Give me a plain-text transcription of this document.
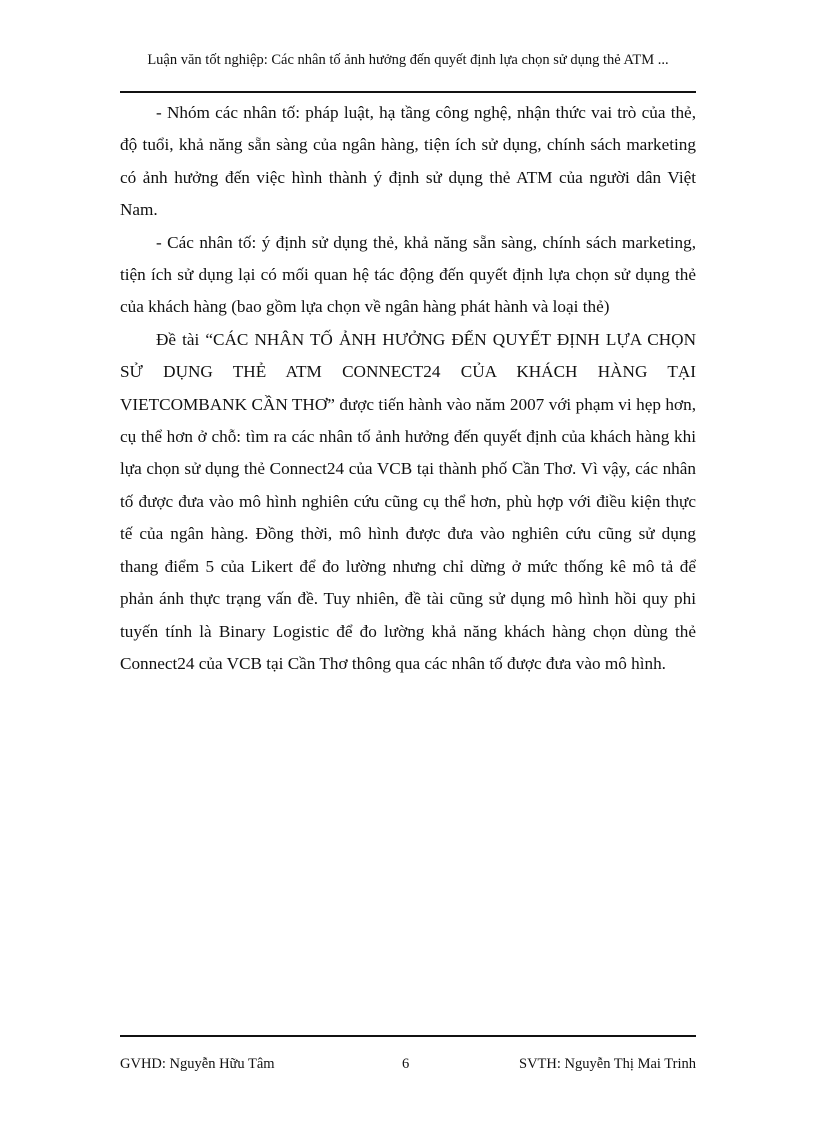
Luận văn tốt nghiệp: Các nhân tố ảnh hưởng đến quyết định lựa chọn sử dụng thẻ ATM ...

- Nhóm các nhân tố: pháp luật, hạ tầng công nghệ, nhận thức vai trò của thẻ, độ tuổi, khả năng sẵn sàng của ngân hàng, tiện ích sử dụng, chính sách marketing có ảnh hưởng đến việc hình thành ý định sử dụng thẻ ATM của người dân Việt Nam.

- Các nhân tố: ý định sử dụng thẻ, khả năng sẵn sàng, chính sách marketing, tiện ích sử dụng lại có mối quan hệ tác động đến quyết định lựa chọn sử dụng thẻ của khách hàng (bao gồm lựa chọn về ngân hàng phát hành và loại thẻ)

Đề tài “CÁC NHÂN TỐ ẢNH HƯỞNG ĐẾN QUYẾT ĐỊNH LỰA CHỌN SỬ DỤNG THẺ ATM CONNECT24 CỦA KHÁCH HÀNG TẠI VIETCOMBANK CẦN THƠ” được tiến hành vào năm 2007 với phạm vi hẹp hơn, cụ thể hơn ở chỗ: tìm ra các nhân tố ảnh hưởng đến quyết định của khách hàng khi lựa chọn sử dụng thẻ Connect24 của VCB tại thành phố Cần Thơ. Vì vậy, các nhân tố được đưa vào mô hình nghiên cứu cũng cụ thể hơn, phù hợp với điều kiện thực tế của ngân hàng. Đồng thời, mô hình được đưa vào nghiên cứu cũng sử dụng thang điểm 5 của Likert để đo lường nhưng chỉ dừng ở mức thống kê mô tả để phản ánh thực trạng vấn đề. Tuy nhiên, đề tài cũng sử dụng mô hình hồi quy phi tuyến tính là Binary Logistic để đo lường khả năng khách hàng chọn dùng thẻ Connect24 của VCB tại Cần Thơ thông qua các nhân tố được đưa vào mô hình.

GVHD: Nguyễn Hữu Tâm	6	SVTH: Nguyễn Thị Mai Trinh
